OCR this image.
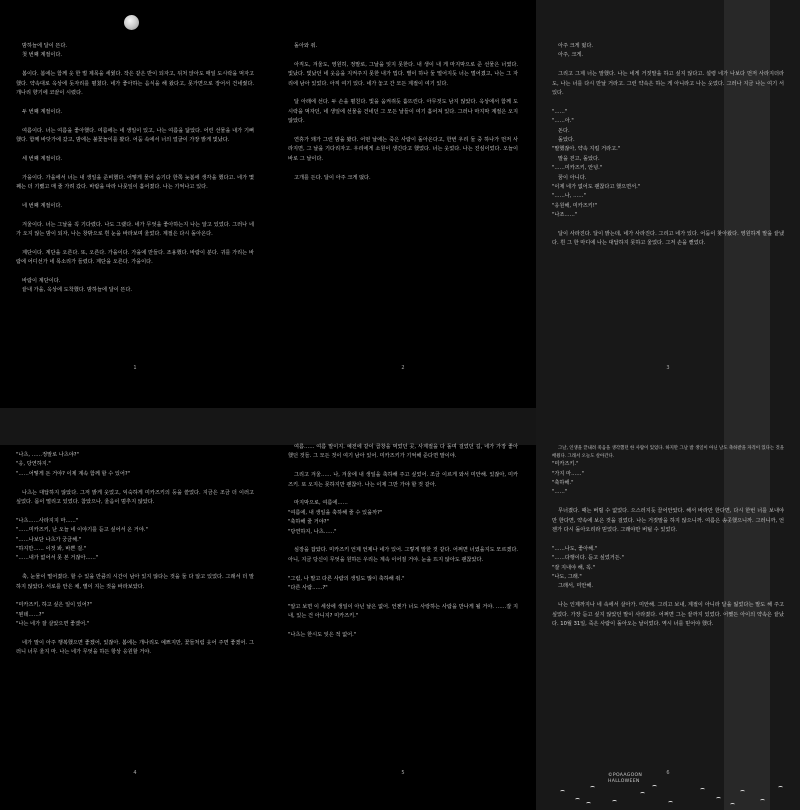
밤하늘에 달이 뜬다.

첫 번째 계절이다.

봄이다. 봄에는 함께 옷 한 벌 제목을 세웠다. 작은 같은 반이 되자고, 뒤처 앉아도 매일 도시락을 먹자고 했다. 약속대로 옥상에 돗자리를 펼쳤다. 네가 좋아하는 음식을 해 왔다고, 못가면으로 장어서 건네줬다. 개나리 향기에 코끝이 시렸다.

두 번째 계절이다.

여름이다. 너는 여름을 좋아했다. 여름에는 네 생일이 있고, 나는 여름을 닮았다. 어린 선물을 내가 기뻐했다. 함께 바닷가에 갔고, 밤에는 불꽃놀이를 봤다. 어둠 속에서 너의 얼굴이 가장 밝게 빛났다.

세 번째 계절이다.

가을이다. 가을에서 너는 내 생일을 준비했다. 어떻게 물어 숨기다 한쪽 늦봄에 생각을 했다고. 네가 몇 째는 더 기뻤고 매 줄 가려 갔다. 바람을 따라 나뭇잎이 흩어졌다. 나는 기억나고 있다.

네 번째 계절이다.

겨울이다. 너는 그날을 꼭 기다렸다. 나도 그랬다. 네가 무엇을 좋아하는지 나는 알고 있었다. 그러나 네가 오지 않는 밤이 되자, 나는 창밖으로 흰 눈을 바라보며 울었다. 계절은 다시 돌아온다.

계단이다. 계단을 오른다. 또, 오른다. 가을이다. 가을에 만들다. 조용했다. 바람이 분다. 귀를 가리는 바람에 어디선가 네 목소리가 들렸다. 계단을 오른다. 가을이다.

바람이 계단이다.

끝내 가을, 옥상에 도착했다. 밤하늘에 달이 뜬다.

1

돌아와 줘.

아직도, 겨울도, 영원히, 정말로, 그날을 잊지 못한다. 내 생이 내 게 마지막으로 준 선물은 너였다. 빛났다. 빛났던 네 웃음을 지켜주지 못한 내가 밉다. 별이 하나 둘 떨어지듯 너는 멀어졌고, 나는 그 자리에 남아 있었다. 아직 여기 있다. 네가 놓고 간 모든 계절이 여기 있다.

달 아래에 선다. 두 손을 펼친다. 빛을 움켜쥐듯 흩뜨린다. 아무것도 남지 않았다. 옥상에서 함께 도시락을 먹자던, 네 생일에 선물을 건네던 그 모든 날들이 여기 흩어져 있다. 그러나 마지막 계절은 오지 않았다.

연휴가 돼가 그런 밤을 봤다. 어떤 날에는 죽은 사람이 돌아온다고, 한번 우리 둘 중 하나가 먼저 사라지면, 그 날을 기다리자고. 우리에게 소원이 생긴다고 했었다. 너는 웃었다. 나는 진심이었다. 오늘이 바로 그 날이다.

고개를 든다. 달이 아주 크게 떴다.

2

아주 크게 떴다.

아주, 크게.

그리고 그제 너는 말했다. 나는 네게 거짓말을 하고 싶지 않다고. 설령 네가 나보다 먼저 사라지더라도, 나는 너를 다시 만날 거라고. 그런 약속은 하는 게 아니라고 나는 웃었다. 그러나 지금 나는 여기 서 있다.

"……"

"……아."

돈다.

돌았다.

"말했잖아, 약속 지킬 거라고."

말을 걷고, 돌았다.

"……미카즈키, 안녕."

꿈이 아니다.

"이제 네가 없어도 괜찮다고 했으면서."

"……나, ……"

"응원해, 미카즈키!"

"나조……"

달이 사라진다. 달이 밝는데, 네가 사라진다. 그리고 네가 있다. 어둠이 찾아왔다. 영원하게 말을 끝냈다. 흰 그 한 마디에 나는 대답하지 못하고 울었다. 그저 손을 뻗었다.

3

"나츠, ……정말로 나츠야?"

"응, 당연하지."

"……어떻게 돈 거야? 이제 계속 함께 할 수 있어?"

나츠는 대답하지 않았다. 그저 밝게 웃었고, 익숙하게 미카즈키의 등을 쓸었다. 지금은 조금 더 이러고 싶었다. 몸이 떨리고 있었다. 참았으나, 울음이 멈추지 않았다.

"나츠……사라지지 마……"

"……미카즈키, 난 오늘 네 이야기를 듣고 싶어서 온 거야."

"……나보단 나츠가 궁금해."

"하지만…… 이것 봐, 바쁜 걸."

"……내가 없어서 못 본 거잖아……"

축, 눈물이 떨어졌다. 할 수 있을 만큼의 시간이 남아 있지 않다는 것을 둘 다 알고 있었다. 그래서 더 말하지 않았다. 서로를 안은 채, 별이 지는 것을 바라보았다.

"미카즈키, 하고 싶은 일이 있어?"

"뭔데……?"

"나는 네가 잘 살았으면 좋겠어."

네가 말이 아주 행복했으면 좋겠어, 있잖아. 봄에는 개나리도 예쁘지만, 꽃들처럼 웃어 주면 좋겠어. 그러니 너무 울지 마. 나는 네가 무엇을 하든 항상 응원할 거야.

4

여름…… 여름 말이지. 예전에 같이 곱창을 먹었던 곳, 사계절을 다 돌며 걸었던 길, 네가 가장 좋아했던 것들. 그 모든 것이 여기 남아 있어. 미카즈키가 기억해 준다면 말이야.

그리고 겨울…… 나, 겨울에 내 생일을 축하해 주고 싶었어. 조금 이르게 와서 미안해. 있잖아, 미카즈키. 또 오지는 못하지만 괜찮아. 나는 이제 그만 가야 할 것 같아.

마지막으로, 여름에……

"여름에, 내 생일을 축하해 줄 수 있을까?"

"축하해 줄 거야?"

"당연하지, 나츠……"

심장을 잡았다. 미카즈키 언제 언제나 네가 있어. 그렇게 말한 것 같다. 어쩌면 너였을지도 모르겠다. 아니, 지금 당신이 무엇을 원하든 우리는 계속 이어질 거야. 눈을 뜨지 않아도 괜찮았다.

"그럼, 나 말고 다른 사람의 생일도 많이 축하해 줘."

"다른 사람……?"

"알고 보면 이 세상에 생일이 아닌 날은 없어. 언젠가 너도 사랑하는 사람을 만나게 될 거야. ……잘 지내, 있는 건 아니지? 미카즈키."

"나츠는 한시도 잊은 적 없어."

5

그날, 인생을 끝내려 죽음을 생각했던 한 사람이 있었다. 하지만 그날 밤 생일이 아닌 날도 축하받을 자격이 있다는 것을 배웠다. 그래서 오늘도 살아간다.

"미카즈키."

"가지 마……"

"축하해."

"……"

무너졌다. 때는 버릴 수 없었다. 으스러지듯 끌어안았다. 해서 바라만 한다면, 다시 한번 너를 보내야만 한다면, 약속에 보은 것을 걸었다. 나는 거짓말을 하지 않으니까. 여름은 송곳했으니까. 그러니까, 언젠가 다시 돌아오리라 믿었다. 그래야만 버틸 수 있었다.

"……나도, 좋아해."

"……다행이다. 듣고 싶었거든."

"잘 지내야 해, 꼭."

"나도, 그래."

그래서, 미안해.

나는 인제까지나 네 속에서 살아가. 미안해. 그리고 보내, 계절이 아니라 달을 잃었다는 말도 해 주고 싶었다. 가장 듣고 싶지 않았던 말이 사라졌다. 어쩌면 그는 끝까지 있었다. 어쨌든 아이의 약속은 끝났다. 10월 31일, 죽은 사람이 돌아오는 날이었다. 역시 너를 믿어야 했다.

6
©POAAGOON
HALLOWEEN
